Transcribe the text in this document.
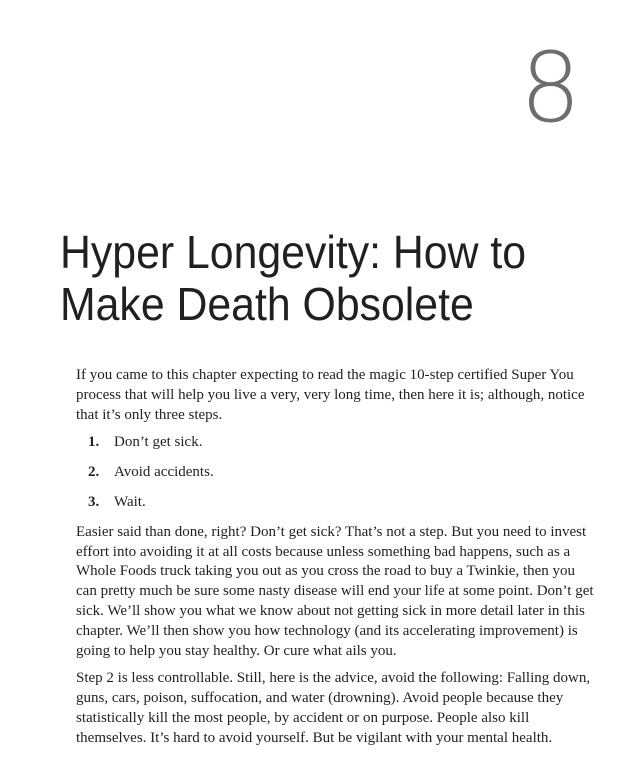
8
Hyper Longevity: How to
Make Death Obsolete

If you came to this chapter expecting to read the magic 10-step certified Super You process that will help you live a very, very long time, then here it is; although, notice that it’s only three steps.

1. Don’t get sick.
2. Avoid accidents.
3. Wait.

Easier said than done, right? Don’t get sick? That’s not a step. But you need to invest effort into avoiding it at all costs because unless something bad happens, such as a Whole Foods truck taking you out as you cross the road to buy a Twinkie, then you can pretty much be sure some nasty disease will end your life at some point. Don’t get sick. We’ll show you what we know about not getting sick in more detail later in this chapter. We’ll then show you how technology (and its accelerating improvement) is going to help you stay healthy. Or cure what ails you.

Step 2 is less controllable. Still, here is the advice, avoid the following: Falling down, guns, cars, poison, suffocation, and water (drowning). Avoid people because they statistically kill the most people, by accident or on purpose. People also kill themselves. It’s hard to avoid yourself. But be vigilant with your mental health.
